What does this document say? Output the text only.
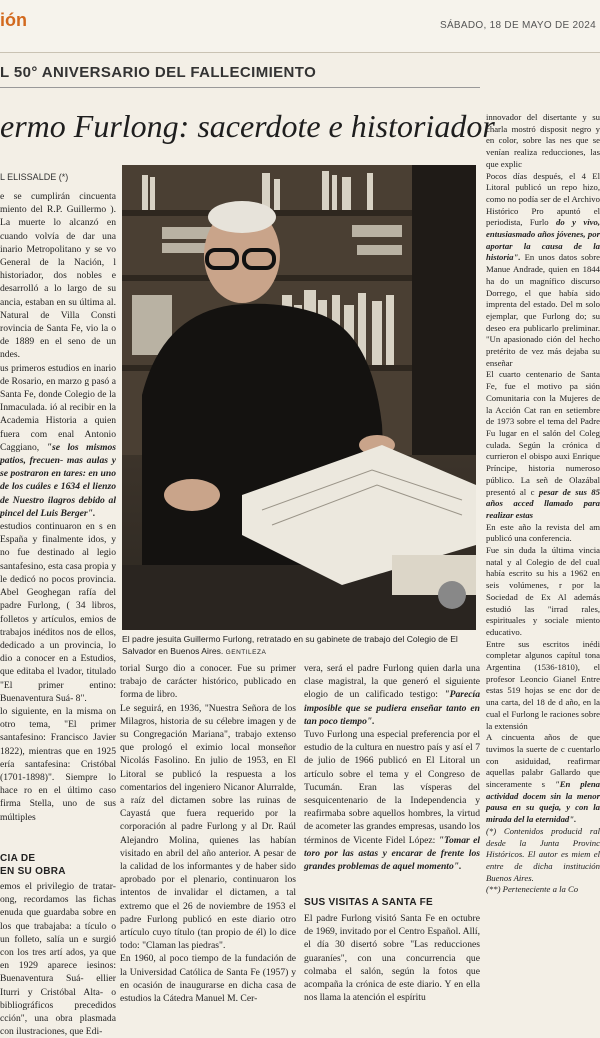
ión	SÁBADO, 18 DE MAYO DE 2024
L 50° ANIVERSARIO DEL FALLECIMIENTO
ermo Furlong: sacerdote e historiador
L ELISSALDE (*)

e se cumplirán cincuenta miento del R.P. Guillermo ). La muerte lo alcanzó en cuando volvía de dar una inario Metropolitano y se vo General de la Nación, l historiador, dos nobles e desarrolló a lo largo de su ancia, estaban en su última al. Natural de Villa Consti rovincia de Santa Fe, vio la o de 1889 en el seno de un ndes.

us primeros estudios en inario de Rosario, en marzo g pasó a Santa Fe, donde Colegio de la Inmaculada. ió al recibir en la Academia Historia a quien fuera com enal Antonio Caggiano, "se los mismos patios, frecuen- mas aulas y se postraron en tares: en uno de los cuáles e 1634 el lienzo de Nuestro ilagros debido al pincel del Luis Berger".

estudios continuaron en s en España y finalmente idos, y no fue destinado al legio santafesino, esta casa propia y le dedicó no pocos provincia. Abel Geoghegan rafía del padre Furlong, ( 34 libros, folletos y artículos, emios de trabajos inéditos nos de ellos, dedicado a un provincia, lo dio a conocer en a Estudios, que editaba el lvador, titulado "El primer entino: Buenaventura Suá- 8".

lo siguiente, en la misma on otro tema, "El primer santafesino: Francisco Javier 1822), mientras que en 1925 ería santafesina: Cristóbal (1701-1898)". Siempre lo hace ro en el último caso firma Stella, uno de sus múltiples

CIA DE
EN SU OBRA

emos el privilegio de tratar- ong, recordamos las fichas enuda que guardaba sobre en los que trabajaba: a tículo o un folleto, salía un e surgió con los tres artí ados, ya que en 1929 aparece iesinos: Buenaventura Suá- ellier Iturri y Cristóbal Alta- o bibliográficos precedidos cción", una obra plasmada con ilustraciones, que Edi-

El padre jesuita Guillermo Furlong, retratado en su gabinete de trabajo del Colegio de El Salvador en Buenos Aires. GENTILEZA

torial Surgo dio a conocer. Fue su primer trabajo de carácter histórico, publicado en forma de libro.

Le seguirá, en 1936, "Nuestra Señora de los Milagros, historia de su célebre imagen y de su Congregación Mariana", trabajo extenso que prologó el eximio local monseñor Nicolás Fasolino. En julio de 1953, en El Litoral se publicó la respuesta a los comentarios del ingeniero Nicanor Alurralde, a raíz del dictamen sobre las ruinas de Cayastá que fuera requerido por la corporación al padre Furlong y al Dr. Raúl Alejandro Molina, quienes las habían visitado en abril del año anterior. A pesar de la calidad de los informantes y de haber sido aprobado por el plenario, continuaron los intentos de invalidar el dictamen, a tal extremo que el 26 de noviembre de 1953 el padre Furlong publicó en este diario otro artículo cuyo título (tan propio de él) lo dice todo: "Claman las piedras".

En 1960, al poco tiempo de la fundación de la Universidad Católica de Santa Fe (1957) y en ocasión de inaugurarse en dicha casa de estudios la Cátedra Manuel M. Cer-

vera, será el padre Furlong quien darla una clase magistral, la que generó el siguiente elogio de un calificado testigo: "Parecía imposible que se pudiera enseñar tanto en tan poco tiempo".

Tuvo Furlong una especial preferencia por el estudio de la cultura en nuestro país y así el 7 de julio de 1966 publicó en El Litoral un artículo sobre el tema y el Congreso de Tucumán. Eran las vísperas del sesquicentenario de la Independencia y reafirmaba sobre aquellos hombres, la virtud de acometer las grandes empresas, usando los términos de Vicente Fidel López: "Tomar el toro por las astas y encarar de frente los grandes problemas de aquel momento".

SUS VISITAS A SANTA FE

El padre Furlong visitó Santa Fe en octubre de 1969, invitado por el Centro Español. Allí, el día 30 disertó sobre "Las reducciones guaraníes", con una concurrencia que colmaba el salón, según la fotos que acompaña la crónica de este diario. Y en ella nos llama la atención el espíritu

innovador del disertante y su charla mostró disposit negro y en color, sobre las nes que se venían realiza reducciones, las que explic

Pocos días después, el 4 El Litoral publicó un repo hizo, como no podía ser de el Archivo Histórico Pro apuntó el periodista, Furlo do y vivo, entusiasmado años jóvenes, por aportar la causa de la historia". En unos datos sobre Manue Andrade, quien en 1844 ha do un magnífico discurso Dorrego, el que había sido imprenta del estado. Del m solo ejemplar, que Furlong do; su deseo era publicarlo preliminar. "Un apasionado ción del hecho pretérito de vez más dejaba su enseñar

El cuarto centenario de Santa Fe, fue el motivo pa sión Comunitaria con la Mujeres de la Acción Cat ran en setiembre de 1973 sobre el tema del Padre Fu lugar en el salón del Coleg culada. Según la crónica d currieron el obispo auxi Enrique Príncipe, historia numeroso público. La señ de Olazábal presentó al c pesar de sus 85 años acced llamado para realizar estas

En este año la revista del am publicó una conferencia.

Fue sin duda la última vincia natal y al Colegio de del cual había escrito su his a 1962 en seis volúmenes, r por la Sociedad de Ex Al además estudió las "irrad rales, espirituales y sociale miento educativo.

Entre sus escritos inédi completar algunos capítul tona Argentina (1536-1810), el profesor Leoncio Gianel Entre estas 519 hojas se enc dor de una carta, del 18 de d año, en la cual el Furlong le raciones sobre la extensión

A cincuenta años de que tuvimos la suerte de c cuentarlo con asiduidad, reafirmar aquellas palabr Gallardo que sinceramente s "En plena actividad docem sin la menor pausa en su queja, y con la mirada del la eternidad".

(*) Contenidos producid ral desde la Junta Provinc Históricos. El autor es miem el entre de dicha institución Buenos Aires.

(**) Perteneciente a la Co
